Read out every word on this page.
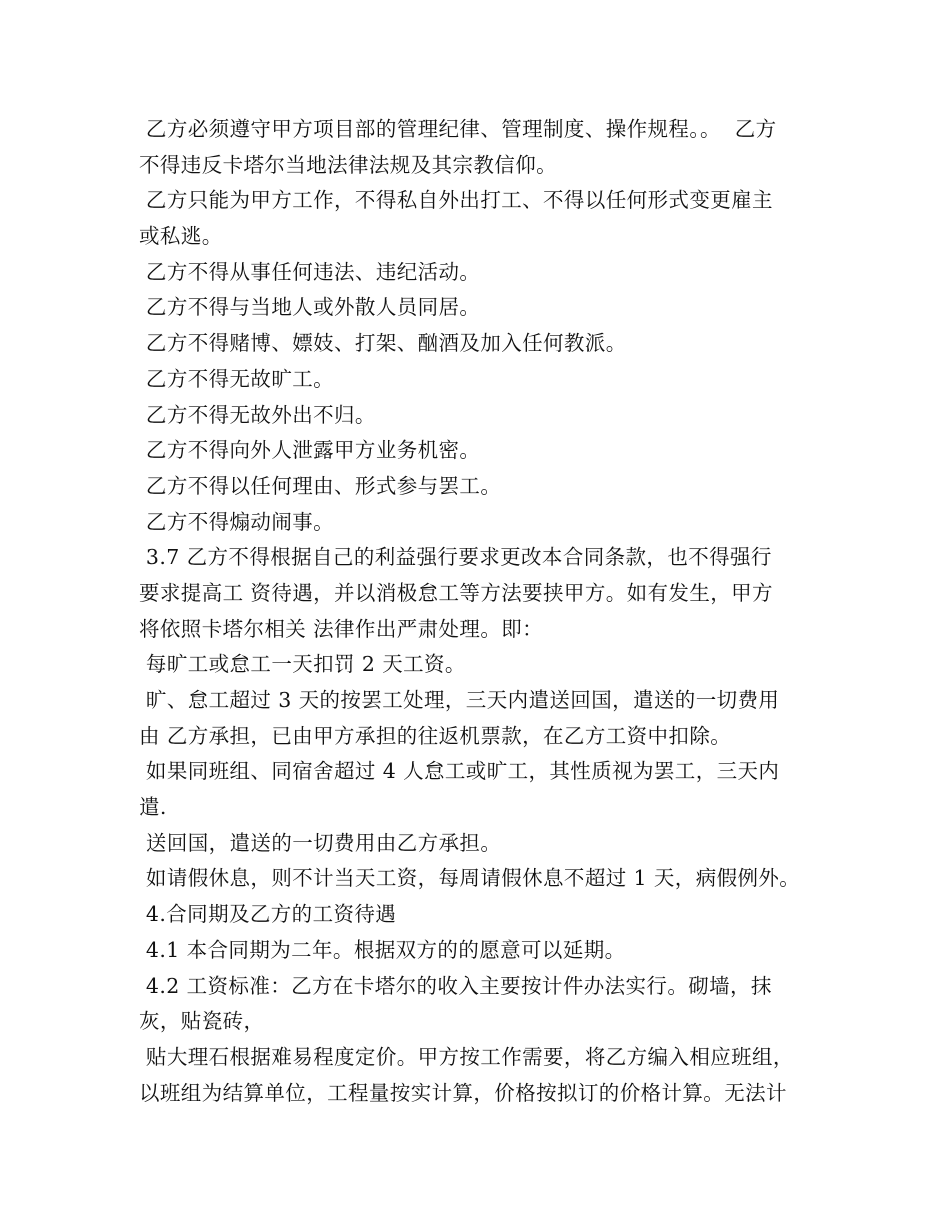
乙方必须遵守甲方项目部的管理纪律、管理制度、操作规程。。  乙方
不得违反卡塔尔当地法律法规及其宗教信仰。
乙方只能为甲方工作，不得私自外出打工、不得以任何形式变更雇主
或私逃。
乙方不得从事任何违法、违纪活动。
乙方不得与当地人或外散人员同居。
乙方不得赌博、嫖妓、打架、酗酒及加入任何教派。
乙方不得无故旷工。
乙方不得无故外出不归。
乙方不得向外人泄露甲方业务机密。
乙方不得以任何理由、形式参与罢工。
乙方不得煽动闹事。
3.7 乙方不得根据自己的利益强行要求更改本合同条款，也不得强行
要求提高工 资待遇，并以消极怠工等方法要挟甲方。如有发生，甲方
将依照卡塔尔相关 法律作出严肃处理。即：
每旷工或怠工一天扣罚 2 天工资。
旷、怠工超过 3 天的按罢工处理，三天内遣送回国，遣送的一切费用
由 乙方承担，已由甲方承担的往返机票款，在乙方工资中扣除。
如果同班组、同宿舍超过 4 人怠工或旷工，其性质视为罢工，三天内
遣.
送回国，遣送的一切费用由乙方承担。
如请假休息，则不计当天工资，每周请假休息不超过 1 天，病假例外。
4.合同期及乙方的工资待遇
4.1 本合同期为二年。根据双方的的愿意可以延期。
4.2 工资标准：乙方在卡塔尔的收入主要按计件办法实行。砌墙，抹
灰，贴瓷砖，
贴大理石根据难易程度定价。甲方按工作需要，将乙方编入相应班组，
以班组为结算单位，工程量按实计算，价格按拟订的价格计算。无法计
